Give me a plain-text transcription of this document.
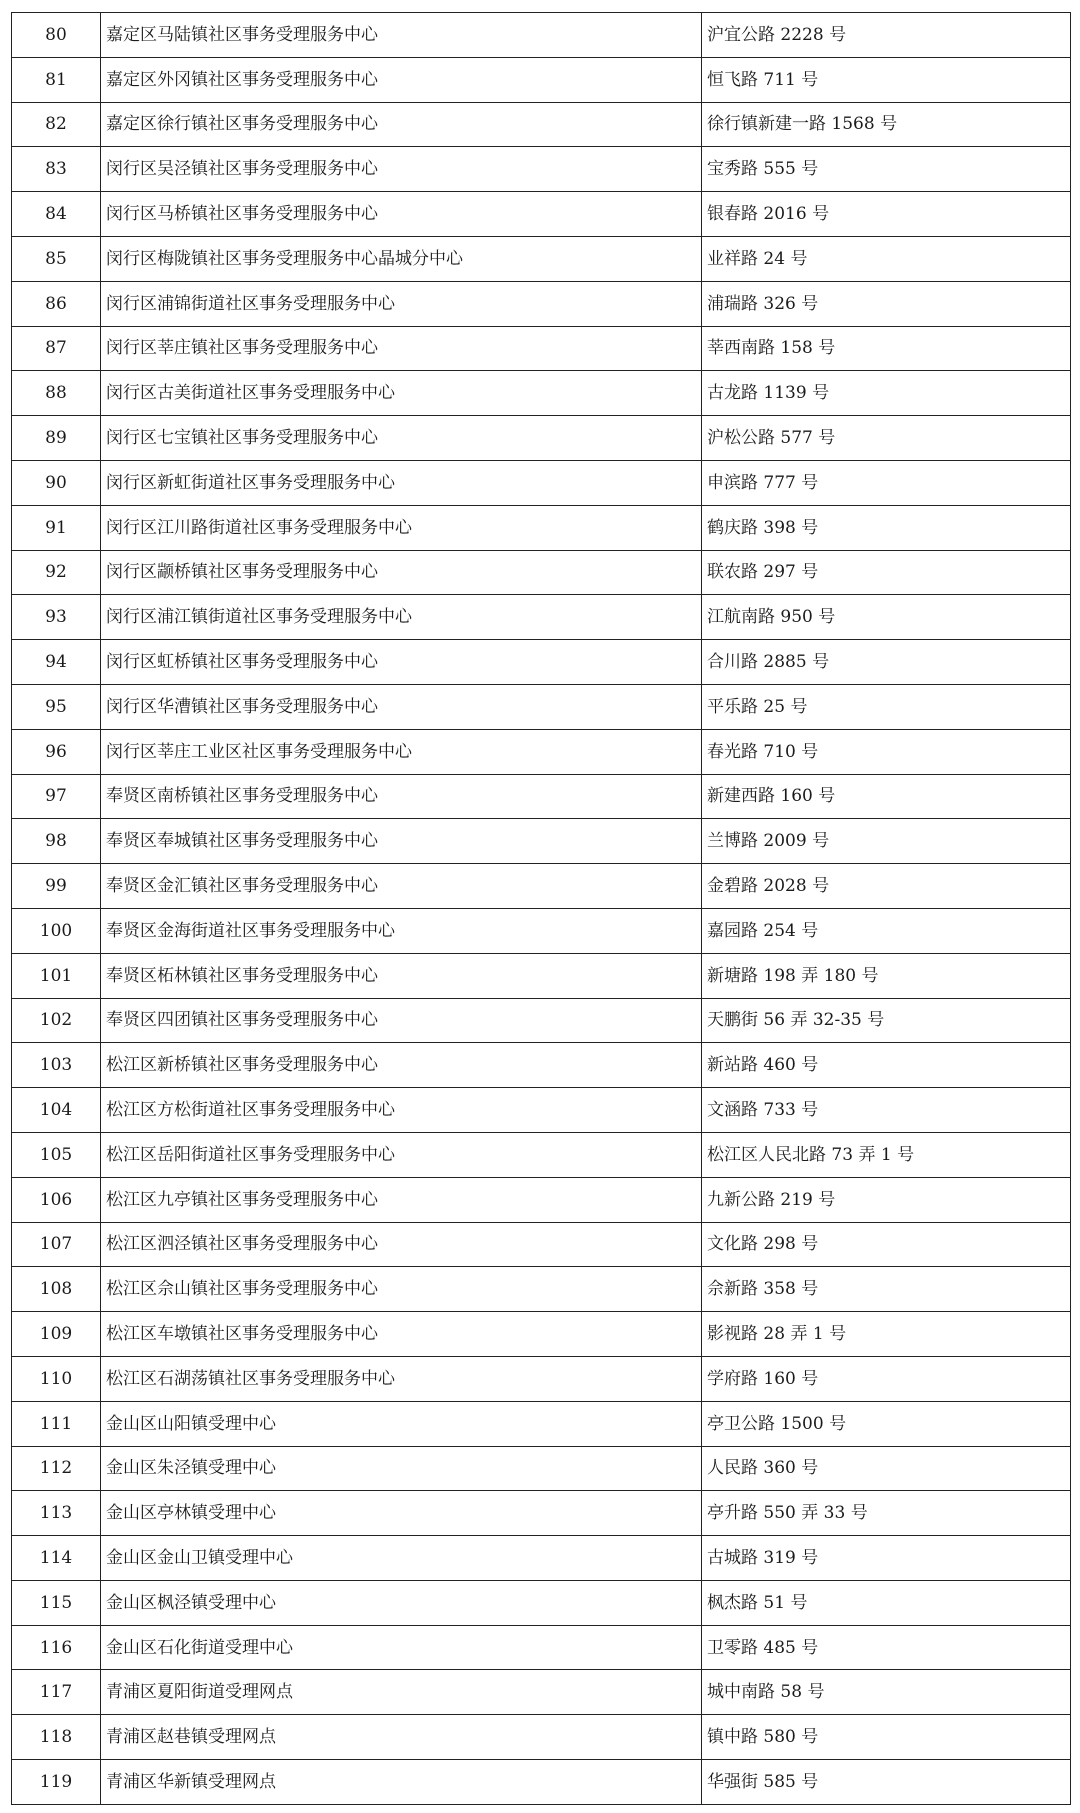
80	嘉定区马陆镇社区事务受理服务中心	沪宜公路 2228 号
81	嘉定区外冈镇社区事务受理服务中心	恒飞路 711 号
82	嘉定区徐行镇社区事务受理服务中心	徐行镇新建一路 1568 号
83	闵行区吴泾镇社区事务受理服务中心	宝秀路 555 号
84	闵行区马桥镇社区事务受理服务中心	银春路 2016 号
85	闵行区梅陇镇社区事务受理服务中心晶城分中心	业祥路 24 号
86	闵行区浦锦街道社区事务受理服务中心	浦瑞路 326 号
87	闵行区莘庄镇社区事务受理服务中心	莘西南路 158 号
88	闵行区古美街道社区事务受理服务中心	古龙路 1139 号
89	闵行区七宝镇社区事务受理服务中心	沪松公路 577 号
90	闵行区新虹街道社区事务受理服务中心	申滨路 777 号
91	闵行区江川路街道社区事务受理服务中心	鹤庆路 398 号
92	闵行区颛桥镇社区事务受理服务中心	联农路 297 号
93	闵行区浦江镇街道社区事务受理服务中心	江航南路 950 号
94	闵行区虹桥镇社区事务受理服务中心	合川路 2885 号
95	闵行区华漕镇社区事务受理服务中心	平乐路 25 号
96	闵行区莘庄工业区社区事务受理服务中心	春光路 710 号
97	奉贤区南桥镇社区事务受理服务中心	新建西路 160 号
98	奉贤区奉城镇社区事务受理服务中心	兰博路 2009 号
99	奉贤区金汇镇社区事务受理服务中心	金碧路 2028 号
100	奉贤区金海街道社区事务受理服务中心	嘉园路 254 号
101	奉贤区柘林镇社区事务受理服务中心	新塘路 198 弄 180 号
102	奉贤区四团镇社区事务受理服务中心	天鹏街 56 弄 32-35 号
103	松江区新桥镇社区事务受理服务中心	新站路 460 号
104	松江区方松街道社区事务受理服务中心	文涵路 733 号
105	松江区岳阳街道社区事务受理服务中心	松江区人民北路 73 弄 1 号
106	松江区九亭镇社区事务受理服务中心	九新公路 219 号
107	松江区泗泾镇社区事务受理服务中心	文化路 298 号
108	松江区佘山镇社区事务受理服务中心	佘新路 358 号
109	松江区车墩镇社区事务受理服务中心	影视路 28 弄 1 号
110	松江区石湖荡镇社区事务受理服务中心	学府路 160 号
111	金山区山阳镇受理中心	亭卫公路 1500 号
112	金山区朱泾镇受理中心	人民路 360 号
113	金山区亭林镇受理中心	亭升路 550 弄 33 号
114	金山区金山卫镇受理中心	古城路 319 号
115	金山区枫泾镇受理中心	枫杰路 51 号
116	金山区石化街道受理中心	卫零路 485 号
117	青浦区夏阳街道受理网点	城中南路 58 号
118	青浦区赵巷镇受理网点	镇中路 580 号
119	青浦区华新镇受理网点	华强街 585 号
